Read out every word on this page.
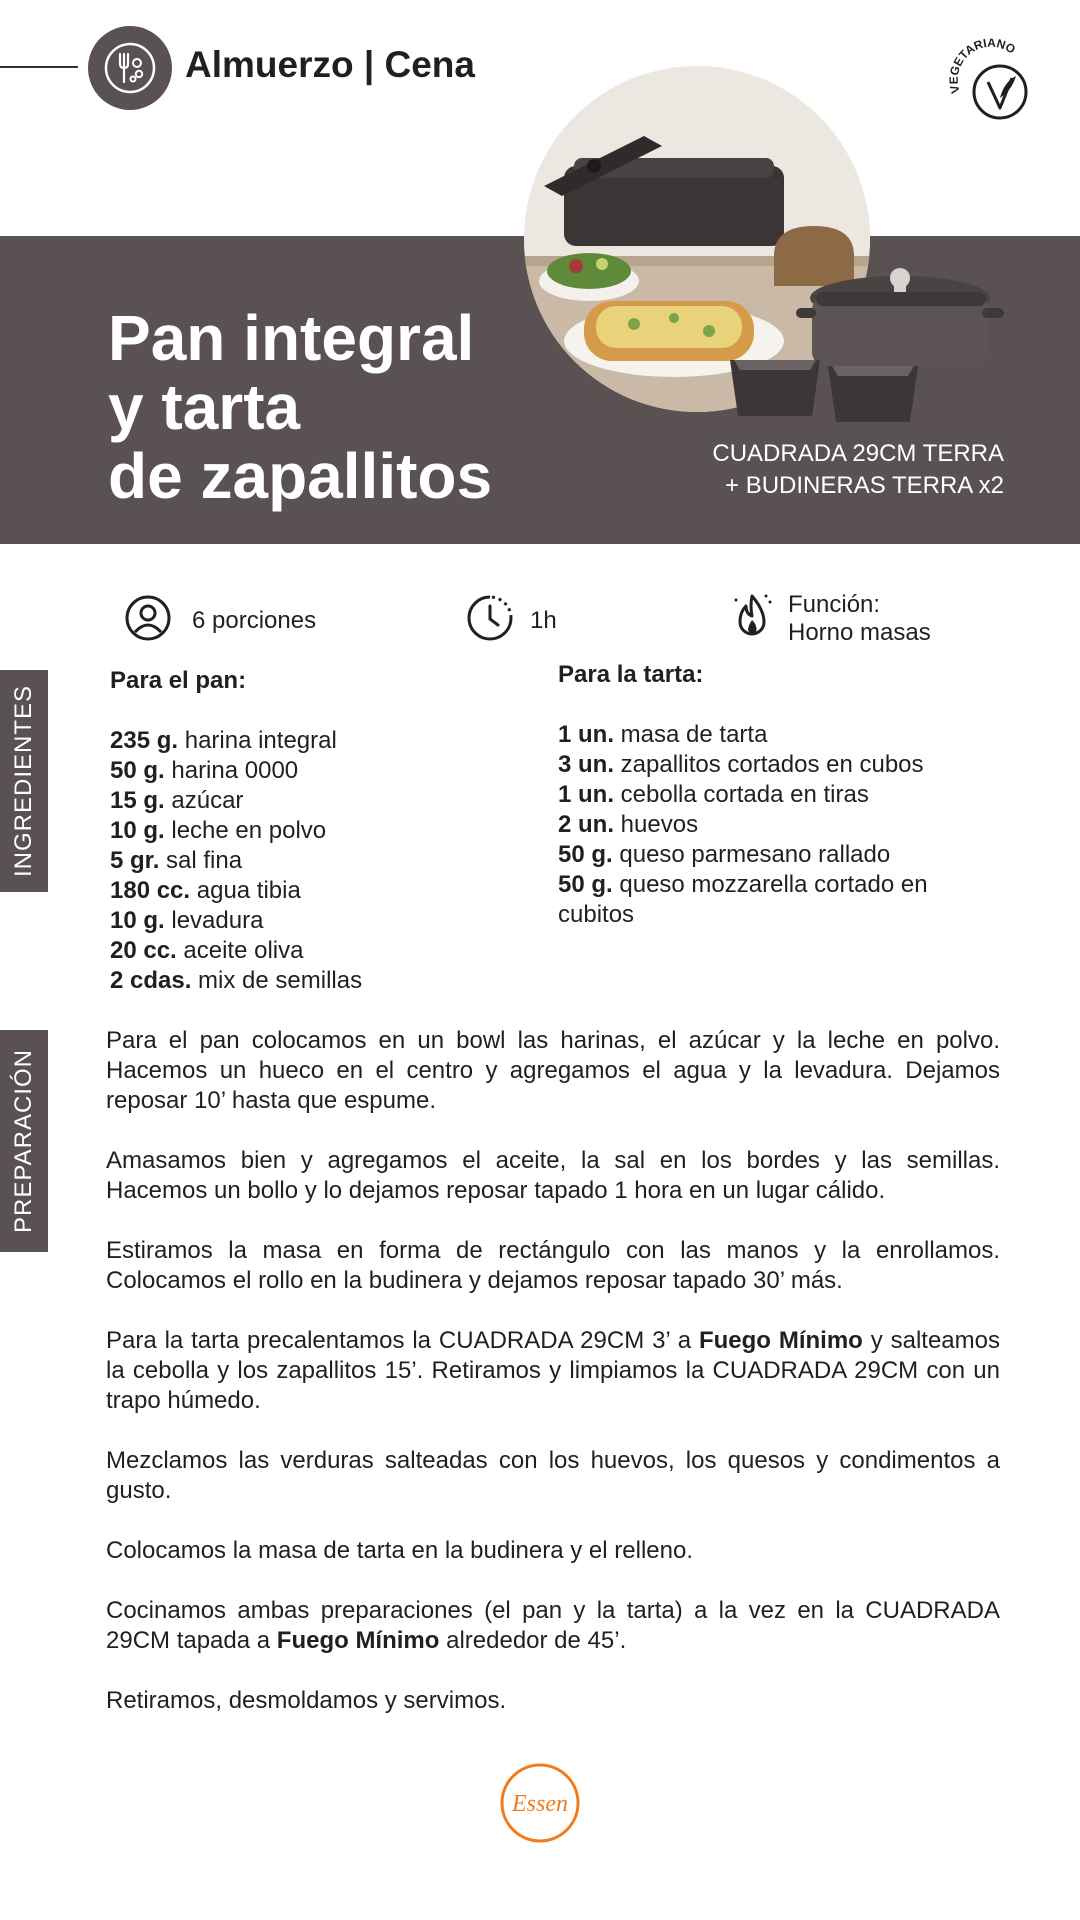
Almuerzo | Cena
VEGETARIANO
Pan integral
y tarta
de zapallitos	CUADRADA 29CM TERRA
+ BUDINERAS TERRA x2
6 porciones	1h
Función:
Horno masas
INGREDIENTES
PREPARACIÓN
Para el pan:
235 g. harina integral
50 g. harina 0000
15 g. azúcar
10 g. leche en polvo
5 gr. sal fina
180 cc. agua tibia
10 g. levadura
20 cc. aceite oliva
2 cdas. mix de semillas
Para la tarta:
1 un. masa de tarta
3 un. zapallitos cortados en cubos
1 un. cebolla cortada en tiras
2 un. huevos
50 g. queso parmesano rallado
50 g. queso mozzarella cortado en
cubitos

Para el pan colocamos en un bowl las harinas, el azúcar y la leche en polvo. Hacemos un hueco en el centro y agregamos el agua y la levadura. Dejamos reposar 10’ hasta que espume.

Amasamos bien y agregamos el aceite, la sal en los bordes y las semillas. Hacemos un bollo y lo dejamos reposar tapado 1 hora en un lugar cálido.

Estiramos la masa en forma de rectángulo con las manos y la enrollamos. Colocamos el rollo en la budinera y dejamos reposar tapado 30’ más.

Para la tarta precalentamos la CUADRADA 29CM 3’ a Fuego Mínimo y salteamos la cebolla y los zapallitos 15’. Retiramos y limpiamos la CUADRADA 29CM con un trapo húmedo.

Mezclamos las verduras salteadas con los huevos, los quesos y condimentos a gusto.

Colocamos la masa de tarta en la budinera y el relleno.

Cocinamos ambas preparaciones (el pan y la tarta) a la vez en la CUADRADA 29CM tapada a Fuego Mínimo alrededor de 45’.

Retiramos, desmoldamos y servimos.

Essen
